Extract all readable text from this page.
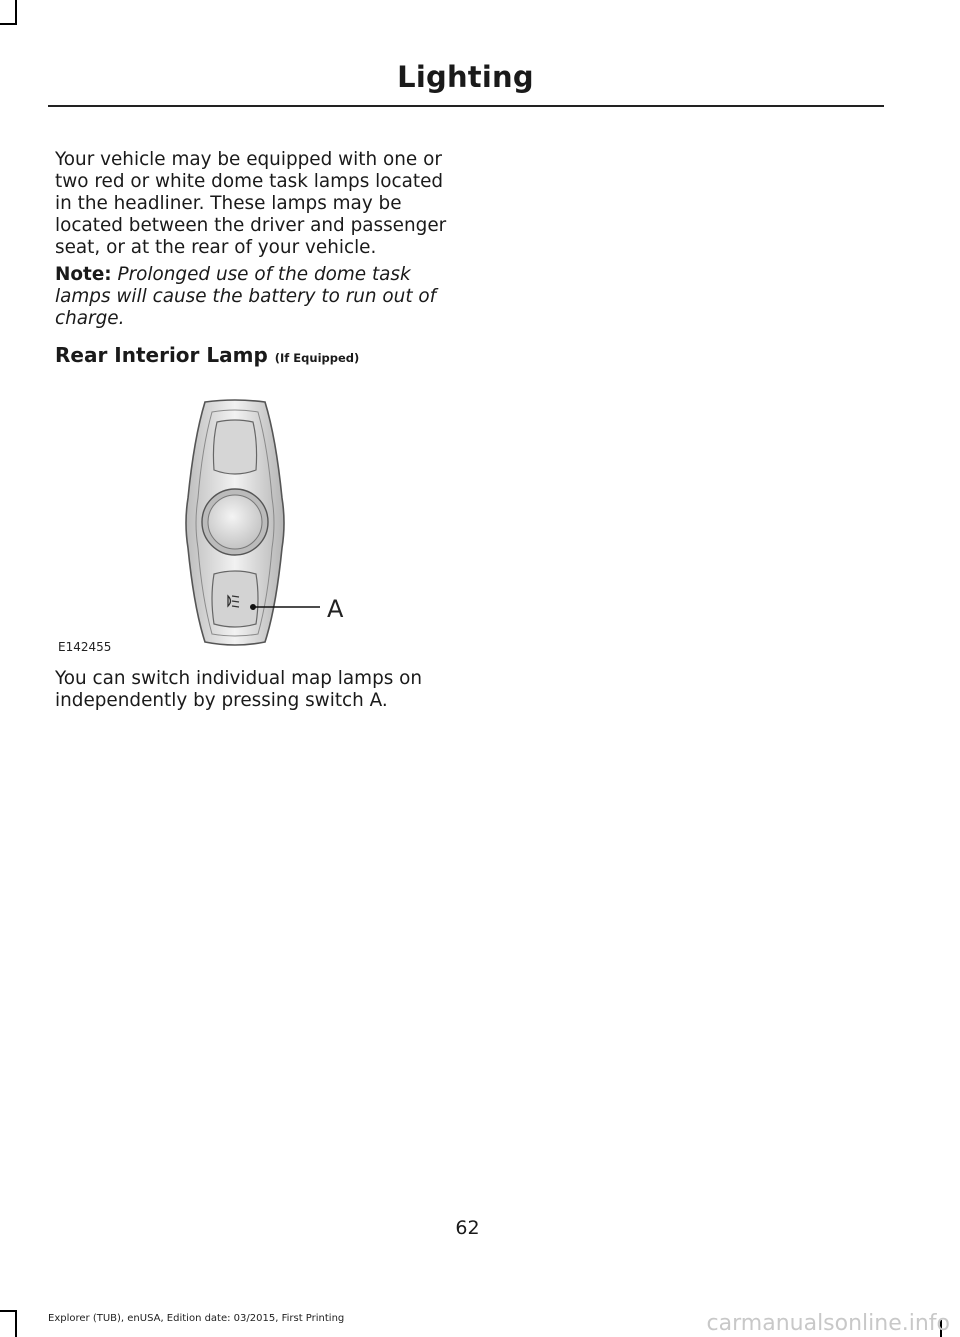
Lighting

Your vehicle may be equipped with one or two red or white dome task lamps located in the headliner. These lamps may be located between the driver and passenger seat, or at the rear of your vehicle.

Note: Prolonged use of the dome task lamps will cause the battery to run out of charge.

Rear Interior Lamp (If Equipped)
A
E142455

You can switch individual map lamps on independently by pressing switch A.

62
Explorer (TUB), enUSA, Edition date: 03/2015, First Printing	carmanualsonline.info
